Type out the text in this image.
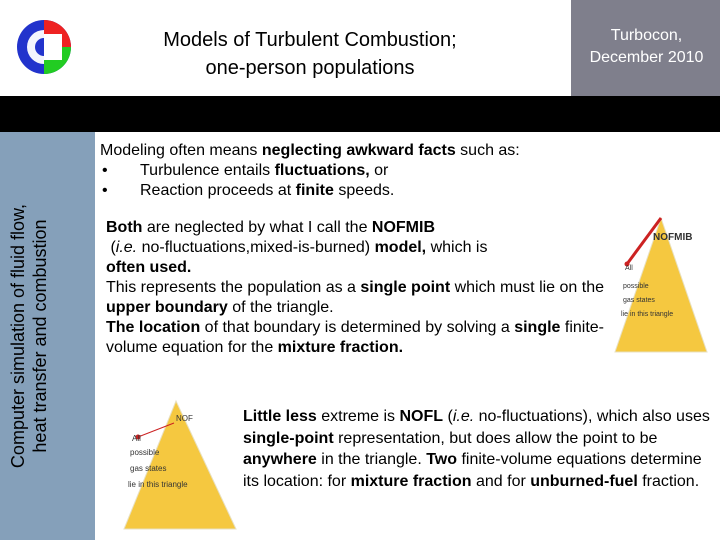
Models of Turbulent Combustion;
one-person populations
Turbocon,
December 2010
Computer simulation of fluid flow, heat transfer and combustion
Modeling often means neglecting awkward facts such as:
• Turbulence entails fluctuations, or
• Reaction proceeds at finite speeds.
Both are neglected by what I call the NOFMIB
(i.e. no-fluctuations,mixed-is-burned) model, which is
often used.
This represents the population as a single point which must lie on the upper boundary of the triangle.
The location of that boundary is determined by solving a single finite-volume equation for the mixture fraction.
NOFMIB
All
possible
gas states
lie in this triangle
NOF
All
possible
gas states
lie in this triangle
Little less extreme is NOFL (i.e. no-fluctuations), which also uses single-point representation, but does allow the point to be anywhere in the triangle. Two finite-volume equations determine its location: for mixture fraction and for unburned-fuel fraction.
